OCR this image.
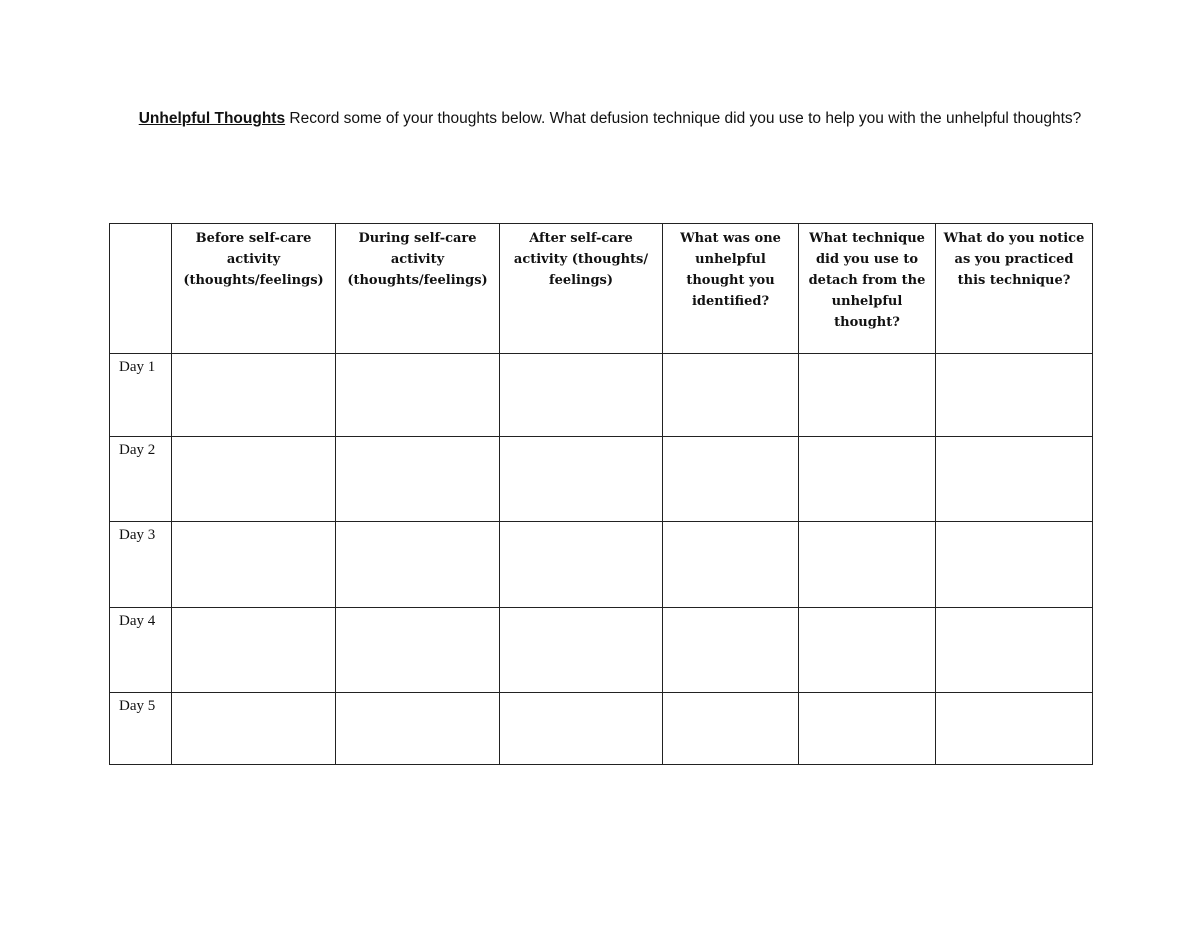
Unhelpful Thoughts Record some of your thoughts below. What defusion technique did you use to help you with the unhelpful thoughts?
	Before self-care activity (thoughts/feelings)	During self-care activity (thoughts/feelings)	After self-care activity (thoughts/ feelings)	What was one unhelpful thought you identified?	What technique did you use to detach from the unhelpful thought?	What do you notice as you practiced this technique?
Day 1						
Day 2						
Day 3						
Day 4						
Day 5						
